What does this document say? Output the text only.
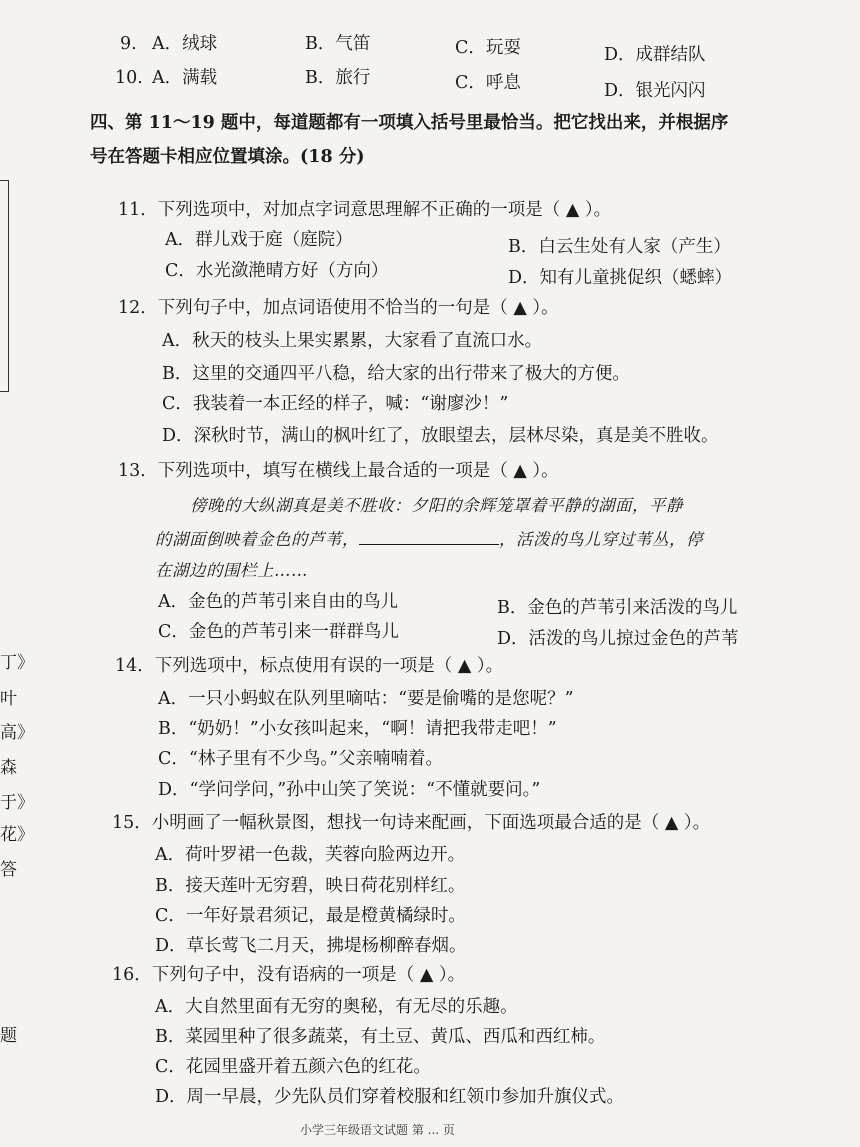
丁》
叶
高》
森
于》
花》
答
题
9. A．绒球	B．气笛	C．玩耍	D．成群结队
10. A．满载	B．旅行	C．呼息	D．银光闪闪
四、第 11～19 题中，每道题都有一项填入括号里最恰当。把它找出来，并根据序
号在答题卡相应位置填涂。(18 分)
11．下列选项中，对加点字词意思理解不正确的一项是（ ▲ ）。
A．群儿戏于庭（庭院）	B．白云生处有人家（产生）
C．水光潋滟晴方好（方向）	D．知有儿童挑促织（蟋蟀）
12．下列句子中，加点词语使用不恰当的一句是（ ▲ ）。
A．秋天的枝头上果实累累，大家看了直流口水。
B．这里的交通四平八稳，给大家的出行带来了极大的方便。
C．我装着一本正经的样子，喊：“谢廖沙！”
D．深秋时节，满山的枫叶红了，放眼望去，层林尽染，真是美不胜收。
13．下列选项中，填写在横线上最合适的一项是（ ▲ ）。
傍晚的大纵湖真是美不胜收：夕阳的余辉笼罩着平静的湖面，平静
的湖面倒映着金色的芦苇，	，活泼的鸟儿穿过苇丛，停
在湖边的围栏上……
A．金色的芦苇引来自由的鸟儿	B．金色的芦苇引来活泼的鸟儿
C．金色的芦苇引来一群群鸟儿	D．活泼的鸟儿掠过金色的芦苇
14．下列选项中，标点使用有误的一项是（ ▲ ）。
A．一只小蚂蚁在队列里嘀咕：“要是偷嘴的是您呢？”
B．“奶奶！”小女孩叫起来，“啊！请把我带走吧！”
C．“林子里有不少鸟。”父亲喃喃着。
D．“学问学问，”孙中山笑了笑说：“不懂就要问。”
15．小明画了一幅秋景图，想找一句诗来配画，下面选项最合适的是（ ▲ ）。
A．荷叶罗裙一色裁，芙蓉向脸两边开。
B．接天莲叶无穷碧，映日荷花别样红。
C．一年好景君须记，最是橙黄橘绿时。
D．草长莺飞二月天，拂堤杨柳醉春烟。
16．下列句子中，没有语病的一项是（ ▲ ）。
A．大自然里面有无穷的奥秘，有无尽的乐趣。
B．菜园里种了很多蔬菜，有土豆、黄瓜、西瓜和西红柿。
C．花园里盛开着五颜六色的红花。
D．周一早晨，少先队员们穿着校服和红领巾参加升旗仪式。
小学三年级语文试题 第 ... 页
